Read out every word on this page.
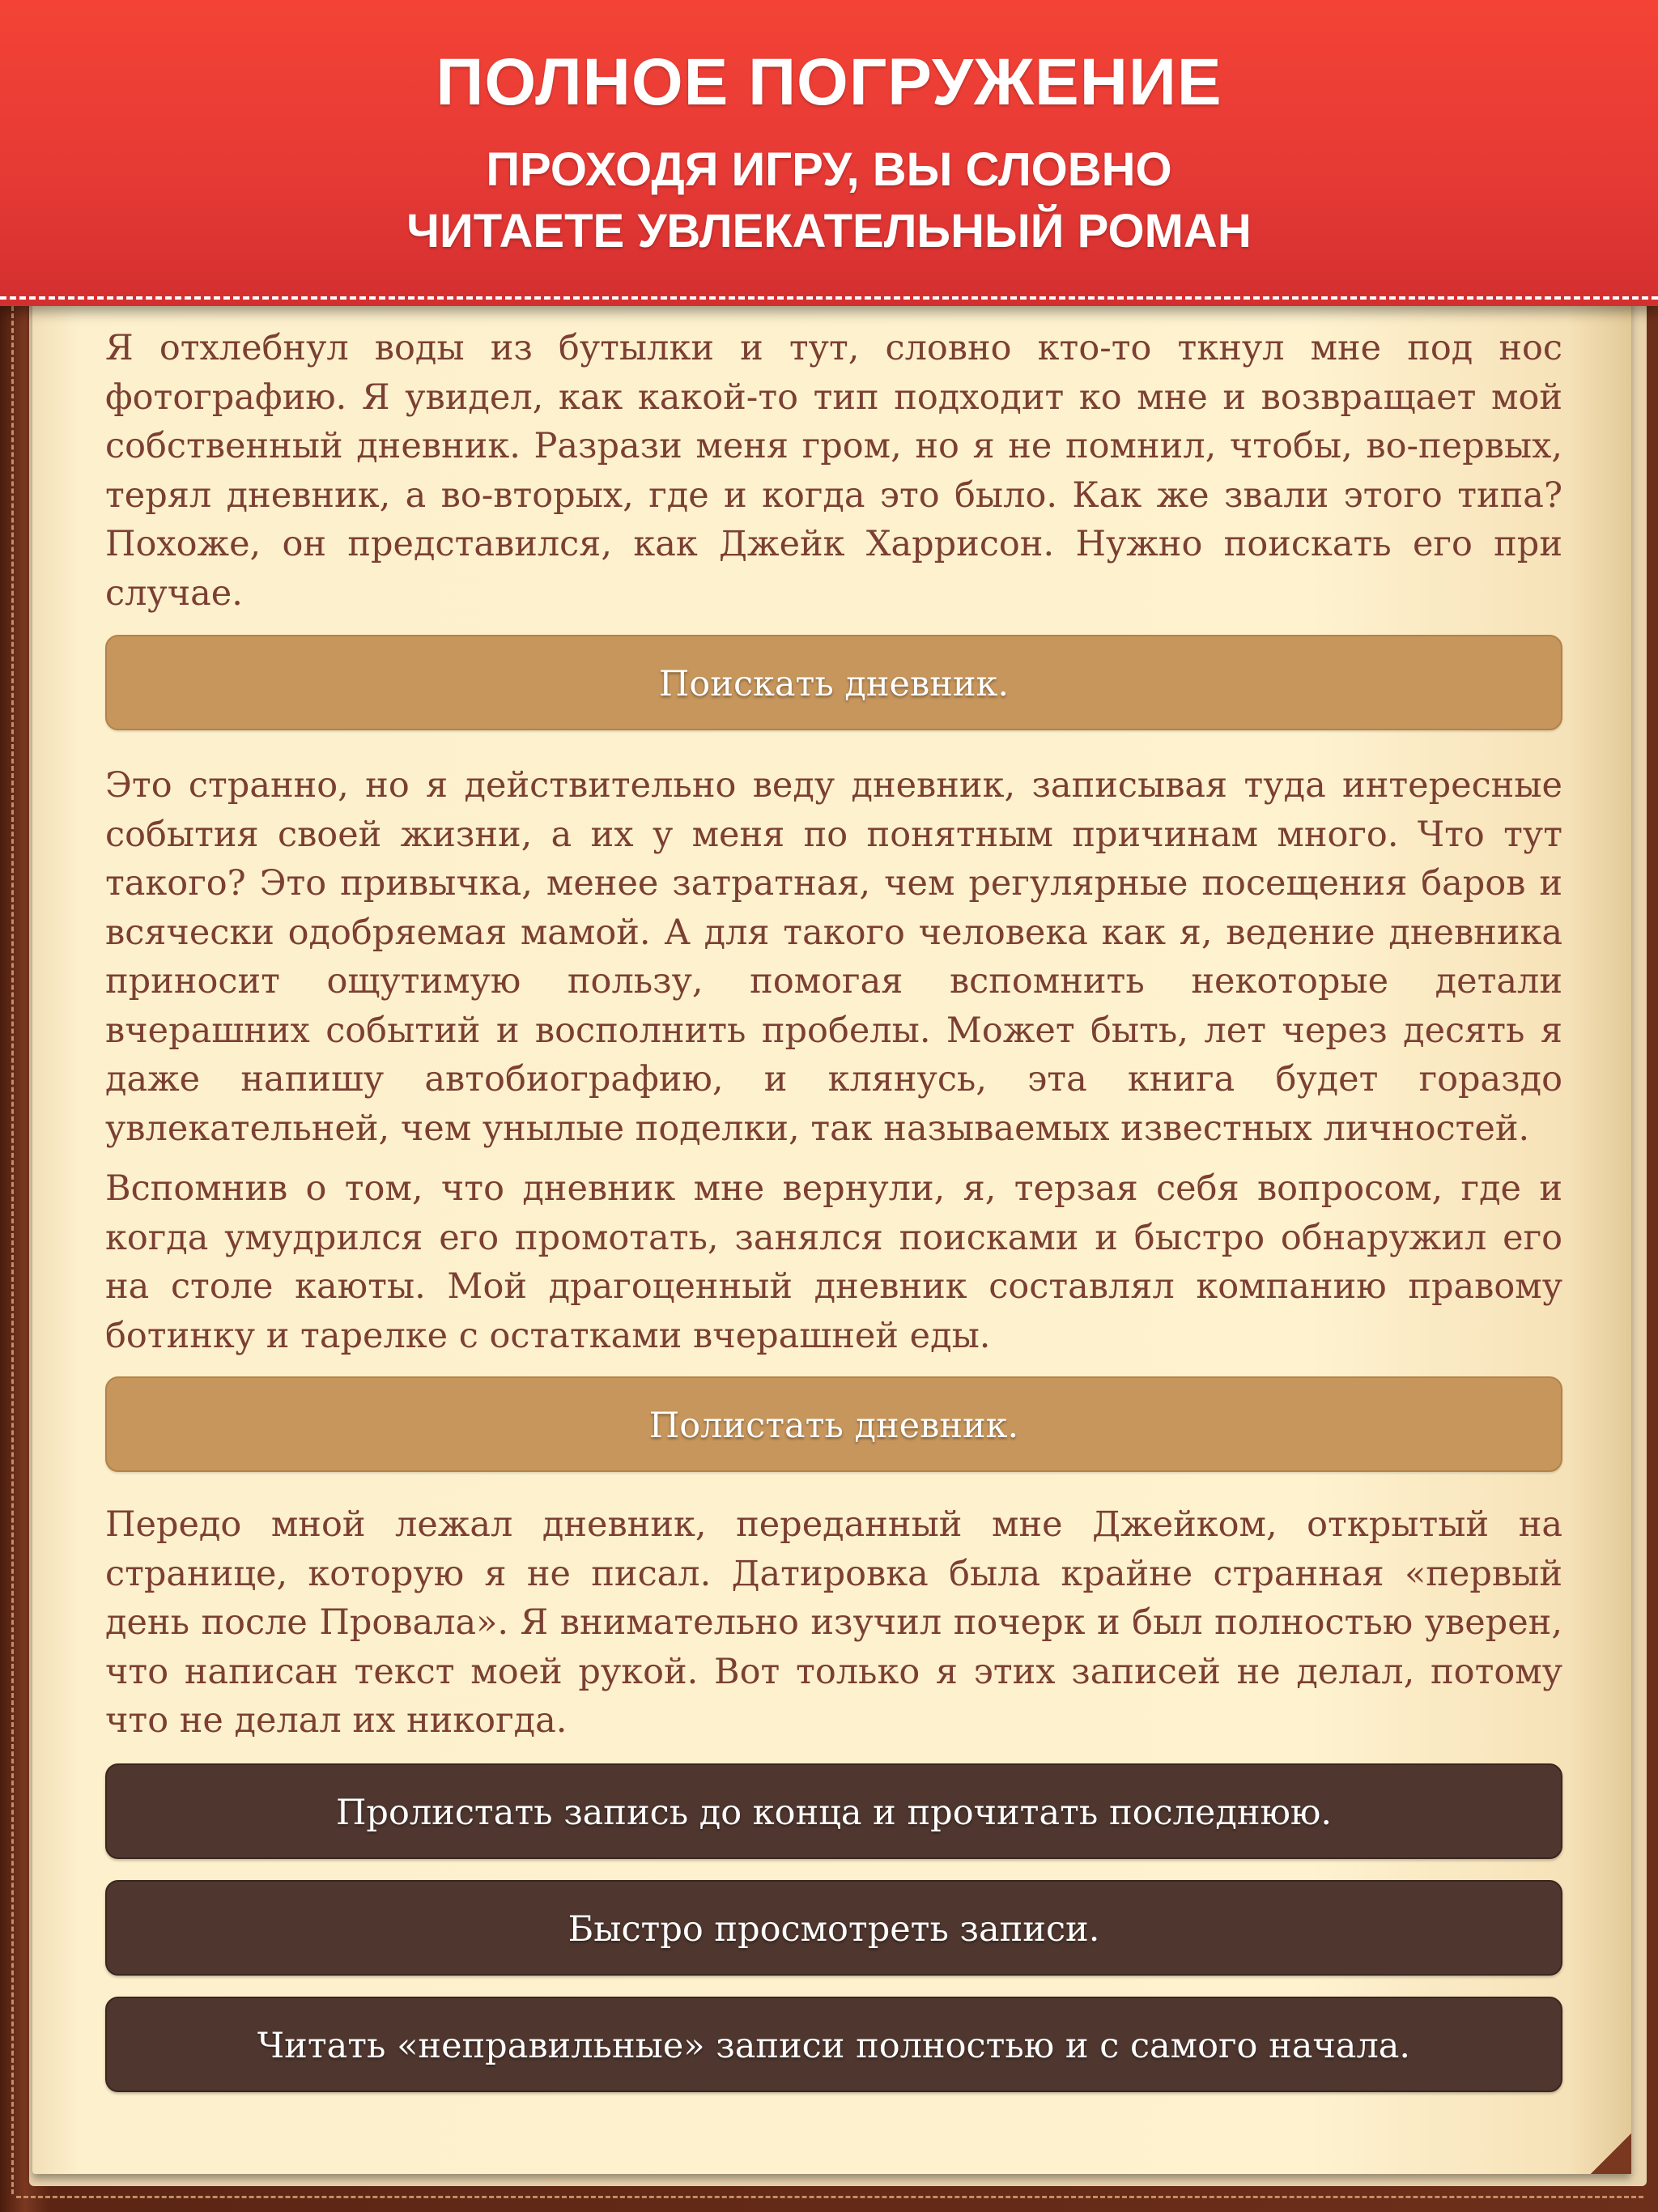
Я отхлебнул воды из бутылки и тут, словно кто-то ткнул мне под нос фотографию. Я увидел, как какой-то тип подходит ко мне и возвращает мой собственный дневник. Разрази меня гром, но я не помнил, чтобы, во-первых, терял дневник, а во-вторых, где и когда это было. Как же звали этого типа? Похоже, он представился, как Джейк Харрисон. Нужно поискать его при случае.

Поискать дневник.

Это странно, но я действительно веду дневник, записывая туда интересные события своей жизни, а их у меня по понятным причинам много. Что тут такого? Это привычка, менее затратная, чем регулярные посещения баров и всячески одобряемая мамой. А для такого человека как я, ведение дневника приносит ощутимую пользу, помогая вспомнить некоторые детали вчерашних событий и восполнить пробелы. Может быть, лет через десять я даже напишу автобиографию, и клянусь, эта книга будет гораздо увлекательней, чем унылые поделки, так называемых известных личностей.

Вспомнив о том, что дневник мне вернули, я, терзая себя вопросом, где и когда умудрился его промотать, занялся поисками и быстро обнаружил его на столе каюты. Мой драгоценный дневник составлял компанию правому ботинку и тарелке с остатками вчерашней еды.

Полистать дневник.

Передо мной лежал дневник, переданный мне Джейком, открытый на странице, которую я не писал. Датировка была крайне странная «первый день после Провала». Я внимательно изучил почерк и был полностью уверен, что написан текст моей рукой. Вот только я этих записей не делал, потому что не делал их никогда.

Пролистать запись до конца и прочитать последнюю.
Быстро просмотреть записи.
Читать «неправильные» записи полностью и с самого начала.
ПОЛНОЕ ПОГРУЖЕНИЕ
ПРОХОДЯ ИГРУ, ВЫ СЛОВНО
ЧИТАЕТЕ УВЛЕКАТЕЛЬНЫЙ РОМАН
